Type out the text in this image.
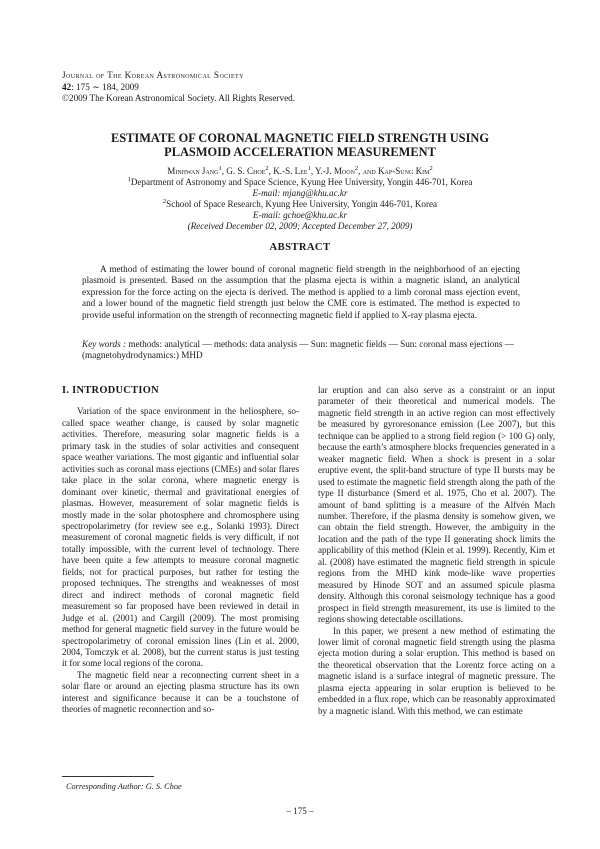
Journal of The Korean Astronomical Society
42: 175 ∼ 184, 2009
©2009 The Korean Astronomical Society. All Rights Reserved.
ESTIMATE OF CORONAL MAGNETIC FIELD STRENGTH USING
PLASMOID ACCELERATION MEASUREMENT
Minhwan Jang$^1$, G. S. Choe$^2$, K.-S. Lee$^1$, Y.-J. Moon$^2$, and Kap-Sung Kim$^2$
$^1$Department of Astronomy and Space Science, Kyung Hee University, Yongin 446-701, Korea
E-mail: mjang@khu.ac.kr
$^2$School of Space Research, Kyung Hee University, Yongin 446-701, Korea
E-mail: gchoe@khu.ac.kr
(Received December 02, 2009; Accepted December 27, 2009)
ABSTRACT

A method of estimating the lower bound of coronal magnetic field strength in the neighborhood of an ejecting plasmoid is presented. Based on the assumption that the plasma ejecta is within a magnetic island, an analytical expression for the force acting on the ejecta is derived. The method is applied to a limb coronal mass ejection event, and a lower bound of the magnetic field strength just below the CME core is estimated. The method is expected to provide useful information on the strength of reconnecting magnetic field if applied to X-ray plasma ejecta.

Key words : methods: analytical — methods: data analysis — Sun: magnetic fields — Sun: coronal mass ejections — (magnetohydrodynamics:) MHD

I. INTRODUCTION

Variation of the space environment in the heliosphere, so-called space weather change, is caused by solar magnetic activities. Therefore, measuring solar magnetic fields is a primary task in the studies of solar activities and consequent space weather variations. The most gigantic and influential solar activities such as coronal mass ejections (CMEs) and solar flares take place in the solar corona, where magnetic energy is dominant over kinetic, thermal and gravitational energies of plasmas. However, measurement of solar magnetic fields is mostly made in the solar photosphere and chromosphere using spectropolarimetry (for review see e.g., Solanki 1993). Direct measurement of coronal magnetic fields is very difficult, if not totally impossible, with the current level of technology. There have been quite a few attempts to measure coronal magnetic fields, not for practical purposes, but rather for testing the proposed techniques. The strengths and weaknesses of most direct and indirect methods of coronal magnetic field measurement so far proposed have been reviewed in detail in Judge et al. (2001) and Cargill (2009). The most promising method for general magnetic field survey in the future would be spectropolarimetry of coronal emission lines (Lin et al. 2000, 2004, Tomczyk et al. 2008), but the current status is just testing it for some local regions of the corona.

The magnetic field near a reconnecting current sheet in a solar flare or around an ejecting plasma structure has its own interest and significance because it can be a touchstone of theories of magnetic reconnection and so-

lar eruption and can also serve as a constraint or an input parameter of their theoretical and numerical models. The magnetic field strength in an active region can most effectively be measured by gyroresonance emission (Lee 2007), but this technique can be applied to a strong field region (> 100 G) only, because the earth’s atmosphere blocks frequencies generated in a weaker magnetic field. When a shock is present in a solar eruptive event, the split-band structure of type II bursts may be used to estimate the magnetic field strength along the path of the type II disturbance (Smerd et al. 1975, Cho et al. 2007). The amount of band splitting is a measure of the Alfvén Mach number. Therefore, if the plasma density is somehow given, we can obtain the field strength. However, the ambiguity in the location and the path of the type II generating shock limits the applicability of this method (Klein et al. 1999). Recently, Kim et al. (2008) have estimated the magnetic field strength in spicule regions from the MHD kink mode-like wave properties measured by Hinode SOT and an assumed spicule plasma density. Although this coronal seismology technique has a good prospect in field strength measurement, its use is limited to the regions showing detectable oscillations.

In this paper, we present a new method of estimating the lower limit of coronal magnetic field strength using the plasma ejecta motion during a solar eruption. This method is based on the theoretical observation that the Lorentz force acting on a magnetic island is a surface integral of magnetic pressure. The plasma ejecta appearing in solar eruption is believed to be embedded in a flux rope, which can be reasonably approximated by a magnetic island. With this method, we can estimate

Corresponding Author: G. S. Choe
– 175 –
